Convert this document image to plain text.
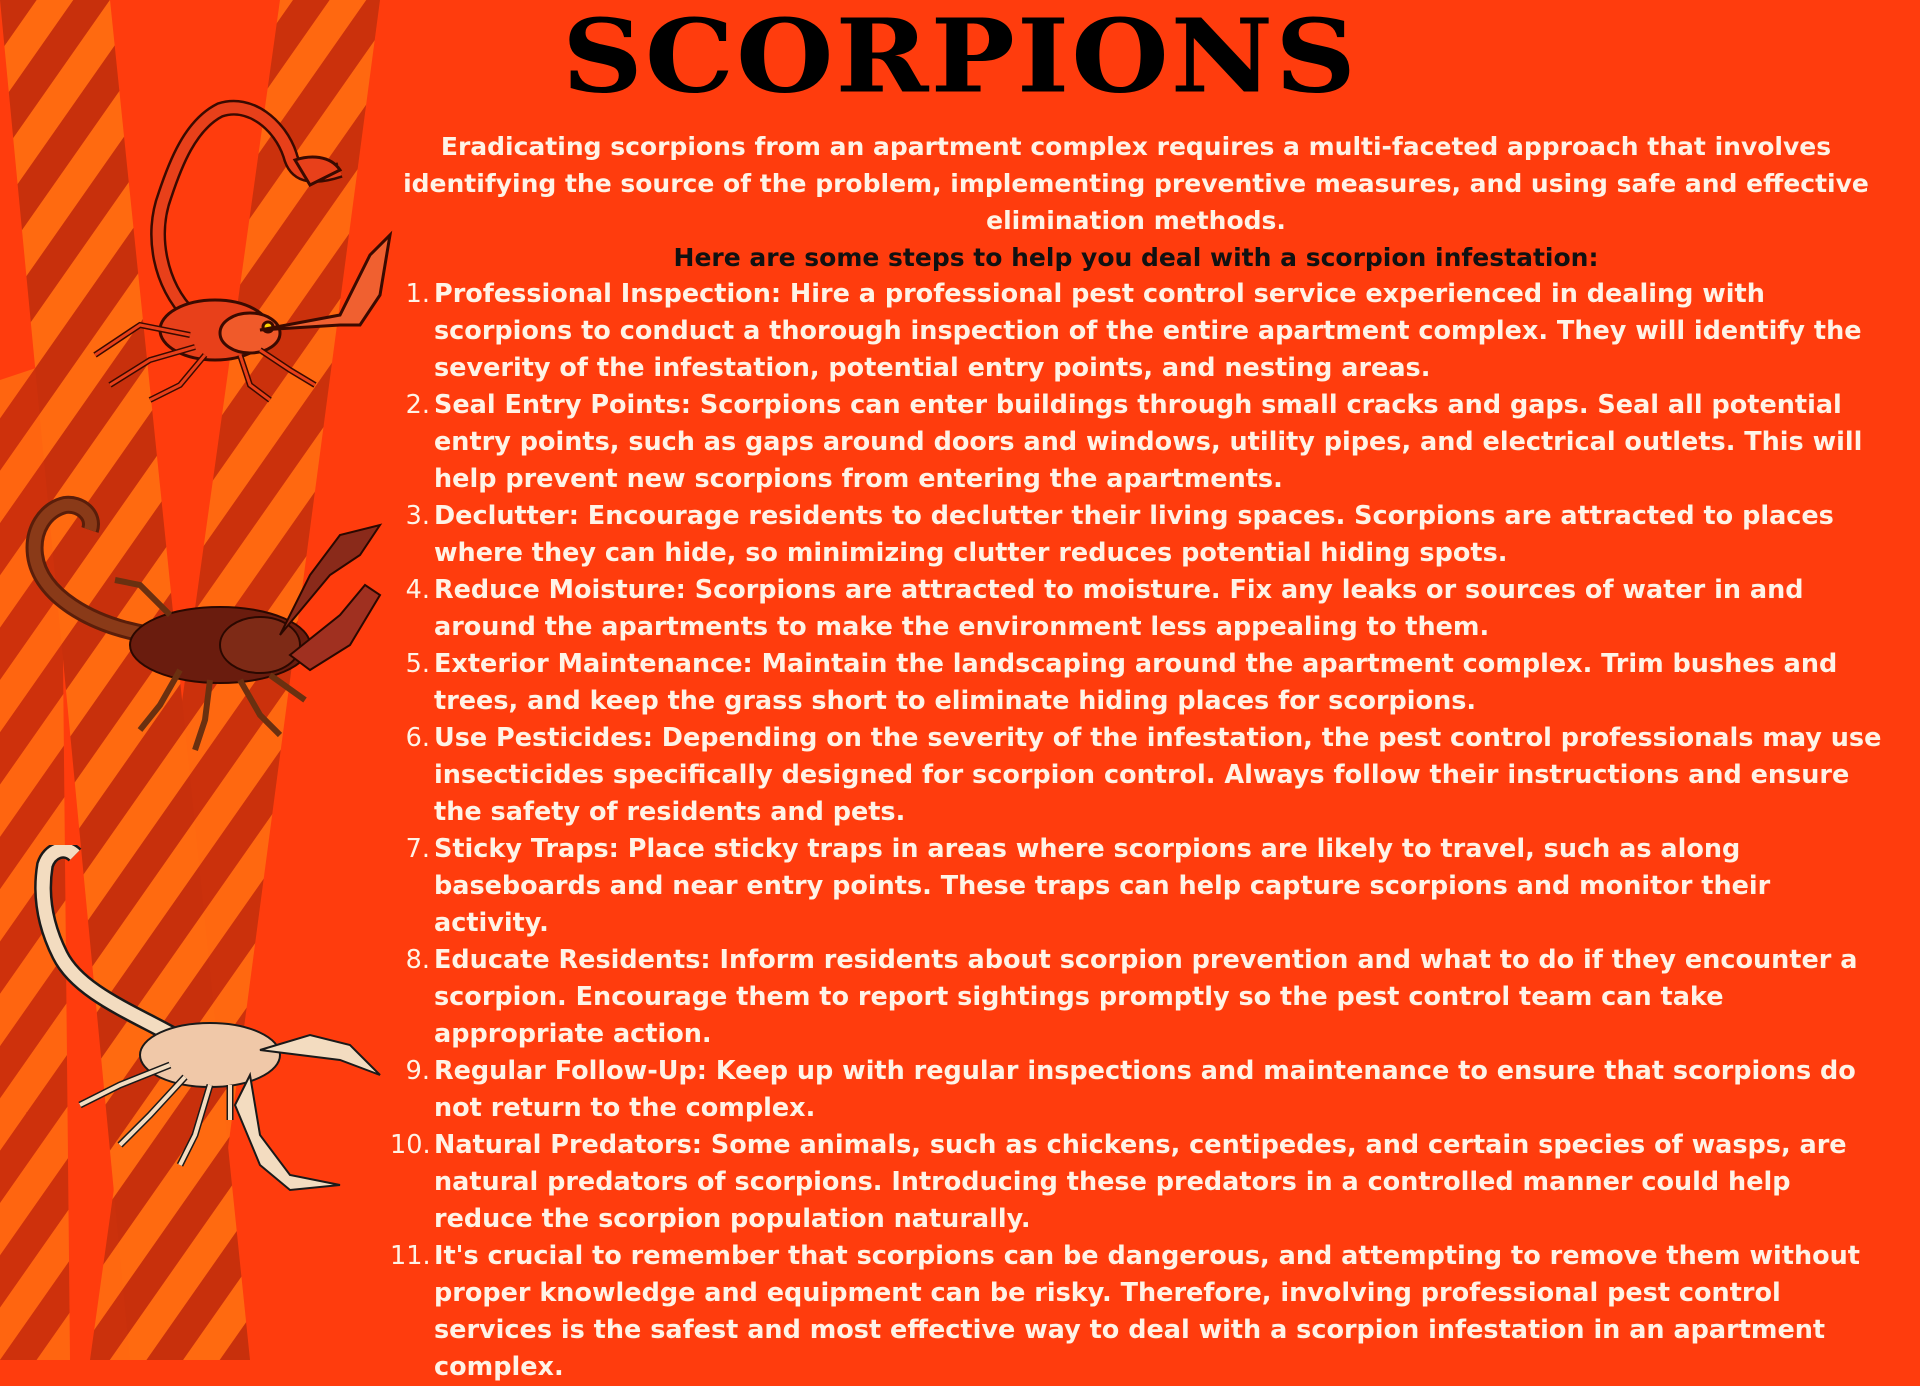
SCORPIONS
Eradicating scorpions from an apartment complex requires a multi-faceted approach that involves identifying the source of the problem, implementing preventive measures, and using safe and effective elimination methods.
Here are some steps to help you deal with a scorpion infestation:
1. Professional Inspection: Hire a professional pest control service experienced in dealing with scorpions to conduct a thorough inspection of the entire apartment complex. They will identify the severity of the infestation, potential entry points, and nesting areas.
2. Seal Entry Points: Scorpions can enter buildings through small cracks and gaps. Seal all potential entry points, such as gaps around doors and windows, utility pipes, and electrical outlets. This will help prevent new scorpions from entering the apartments.
3. Declutter: Encourage residents to declutter their living spaces. Scorpions are attracted to places where they can hide, so minimizing clutter reduces potential hiding spots.
4. Reduce Moisture: Scorpions are attracted to moisture. Fix any leaks or sources of water in and around the apartments to make the environment less appealing to them.
5. Exterior Maintenance: Maintain the landscaping around the apartment complex. Trim bushes and trees, and keep the grass short to eliminate hiding places for scorpions.
6. Use Pesticides: Depending on the severity of the infestation, the pest control professionals may use insecticides specifically designed for scorpion control. Always follow their instructions and ensure the safety of residents and pets.
7. Sticky Traps: Place sticky traps in areas where scorpions are likely to travel, such as along baseboards and near entry points. These traps can help capture scorpions and monitor their activity.
8. Educate Residents: Inform residents about scorpion prevention and what to do if they encounter a scorpion. Encourage them to report sightings promptly so the pest control team can take appropriate action.
9. Regular Follow-Up: Keep up with regular inspections and maintenance to ensure that scorpions do not return to the complex.
10. Natural Predators: Some animals, such as chickens, centipedes, and certain species of wasps, are natural predators of scorpions. Introducing these predators in a controlled manner could help reduce the scorpion population naturally.
11. It's crucial to remember that scorpions can be dangerous, and attempting to remove them without proper knowledge and equipment can be risky. Therefore, involving professional pest control services is the safest and most effective way to deal with a scorpion infestation in an apartment complex.
